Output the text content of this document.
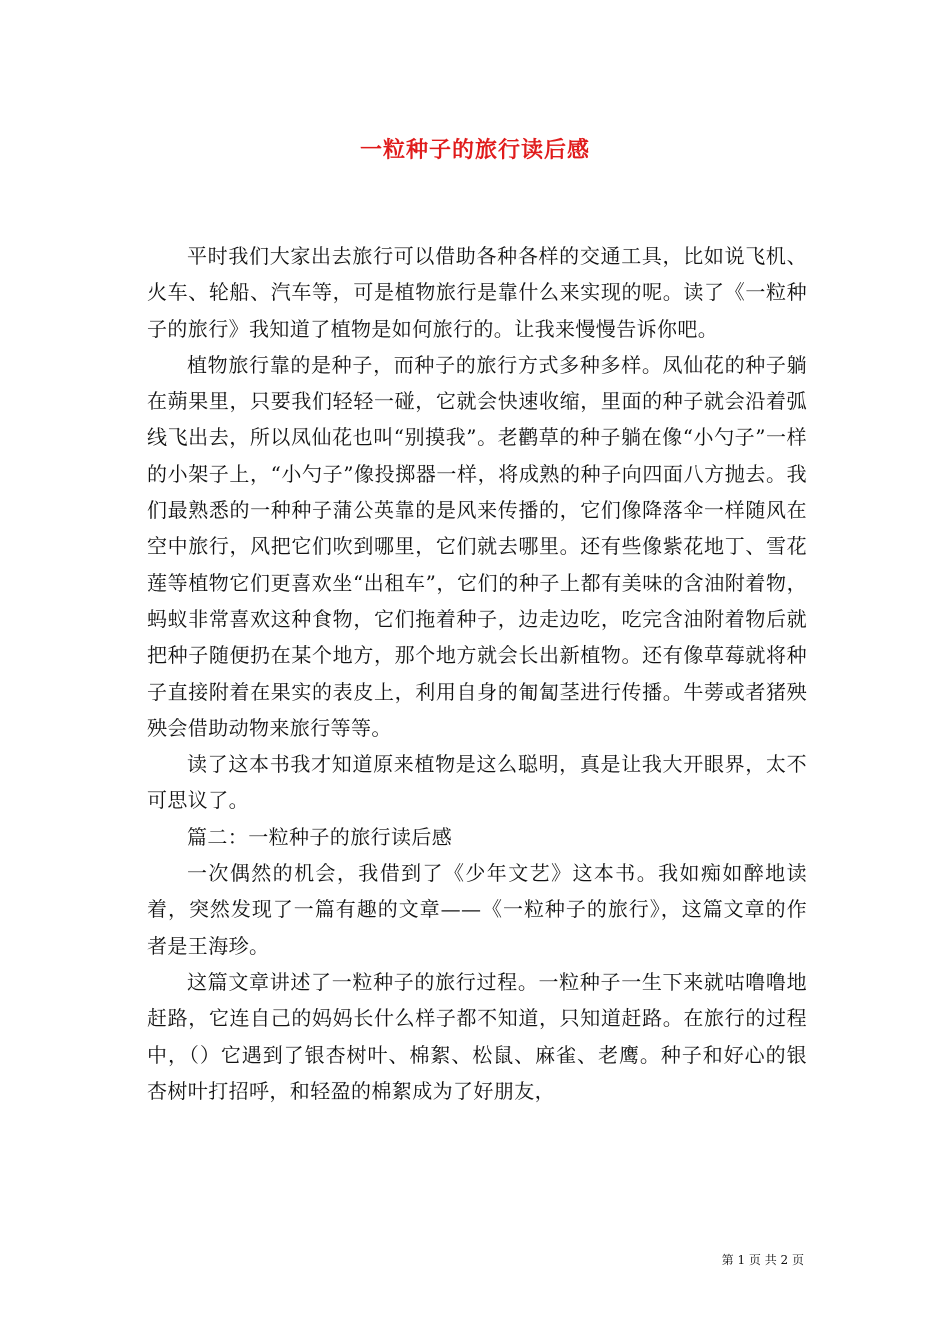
一粒种子的旅行读后感

平时我们大家出去旅行可以借助各种各样的交通工具，比如说飞机、火车、轮船、汽车等，可是植物旅行是靠什么来实现的呢。读了《一粒种子的旅行》我知道了植物是如何旅行的。让我来慢慢告诉你吧。

植物旅行靠的是种子，而种子的旅行方式多种多样。凤仙花的种子躺在蒴果里，只要我们轻轻一碰，它就会快速收缩，里面的种子就会沿着弧线飞出去，所以凤仙花也叫“别摸我”。老鹳草的种子躺在像“小勺子”一样的小架子上，“小勺子”像投掷器一样，将成熟的种子向四面八方抛去。我们最熟悉的一种种子蒲公英靠的是风来传播的，它们像降落伞一样随风在空中旅行，风把它们吹到哪里，它们就去哪里。还有些像紫花地丁、雪花莲等植物它们更喜欢坐“出租车”，它们的种子上都有美味的含油附着物，蚂蚁非常喜欢这种食物，它们拖着种子，边走边吃，吃完含油附着物后就把种子随便扔在某个地方，那个地方就会长出新植物。还有像草莓就将种子直接附着在果实的表皮上，利用自身的匍匐茎进行传播。牛蒡或者猪殃殃会借助动物来旅行等等。

读了这本书我才知道原来植物是这么聪明，真是让我大开眼界，太不可思议了。

篇二：一粒种子的旅行读后感

一次偶然的机会，我借到了《少年文艺》这本书。我如痴如醉地读着，突然发现了一篇有趣的文章——《一粒种子的旅行》，这篇文章的作者是王海珍。

这篇文章讲述了一粒种子的旅行过程。一粒种子一生下来就咕噜噜地赶路，它连自己的妈妈长什么样子都不知道，只知道赶路。在旅行的过程中，（）它遇到了银杏树叶、棉絮、松鼠、麻雀、老鹰。种子和好心的银杏树叶打招呼，和轻盈的棉絮成为了好朋友，

第 1 页 共 2 页
